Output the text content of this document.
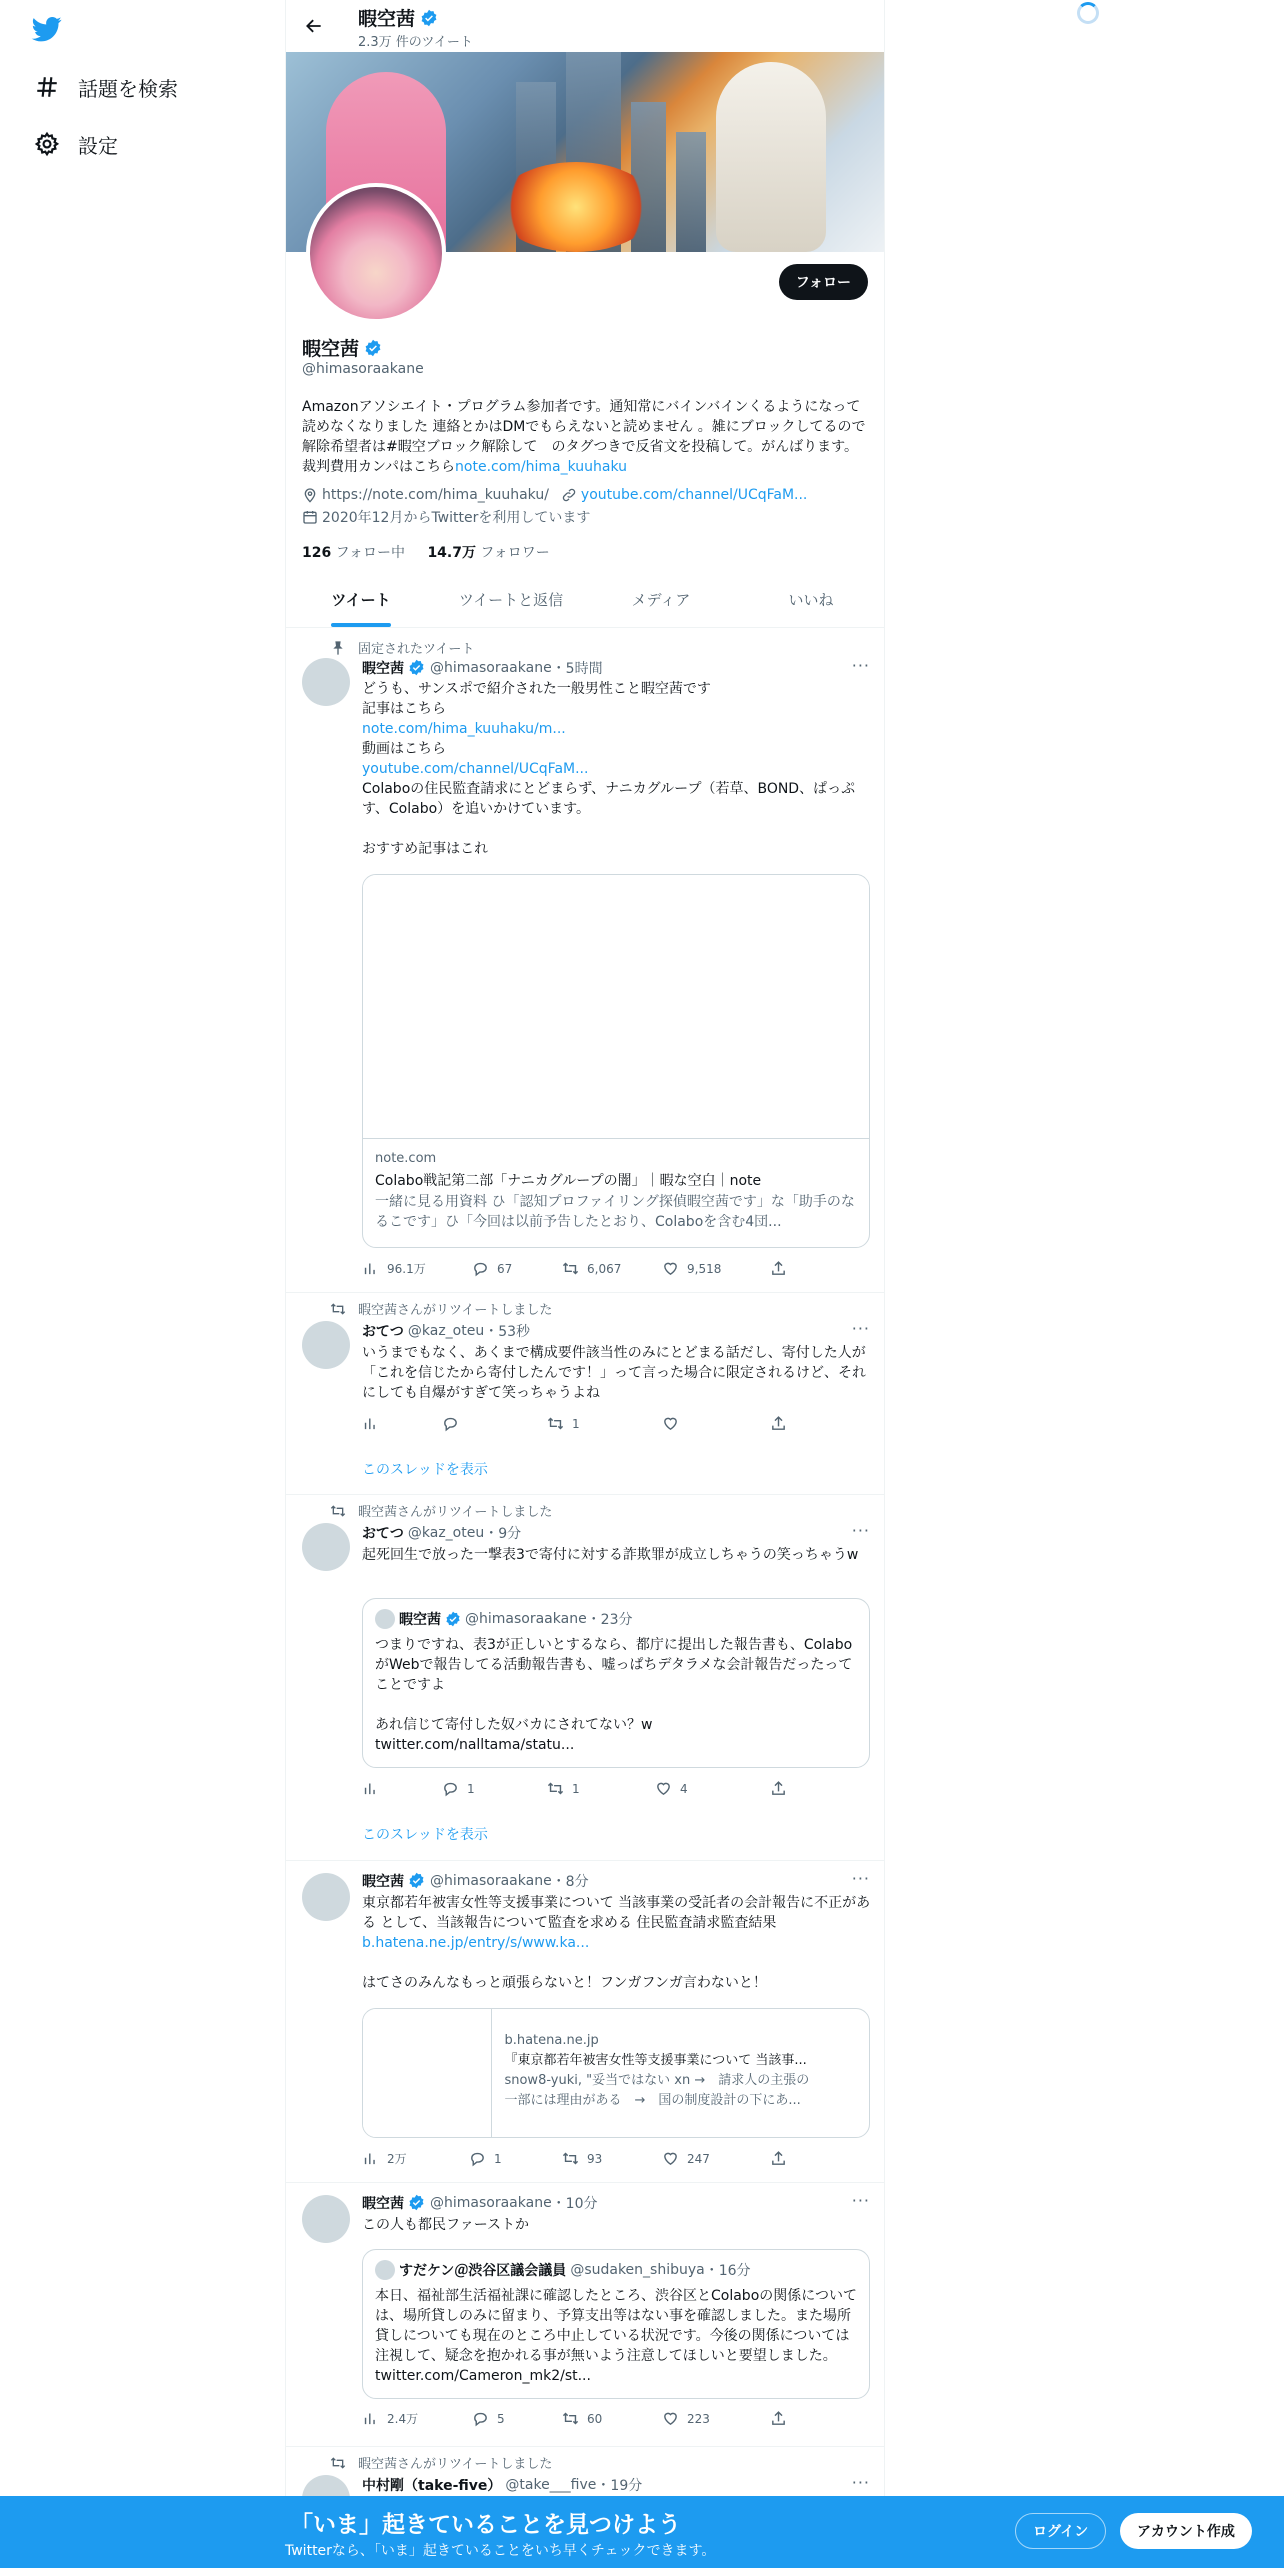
話題を検索
設定
暇空茜
2.3万 件のツイート
フォロー
暇空茜
@himasoraakane
Amazonアソシエイト・プログラム参加者です。通知常にバインバインくるようになって読めなくなりました 連絡とかはDMでもらえないと読めません 。雑にブロックしてるので解除希望者は#暇空ブロック解除して　のタグつきで反省文を投稿して。がんばります。裁判費用カンパはこちらnote.com/hima_kuuhaku
https://note.com/hima_kuuhaku/ youtube.com/channel/UCqFaM...
2020年12月からTwitterを利用しています
126 フォロー中 14.7万 フォロワー
ツイート	ツイートと返信	メディア	いいね
固定されたツイート
暇空茜 @himasoraakane ・5時間	···
どうも、サンスポで紹介された一般男性こと暇空茜です
記事はこちら
note.com/hima_kuuhaku/m...
動画はこちら
youtube.com/channel/UCqFaM...
Colaboの住民監査請求にとどまらず、ナニカグループ（若草、BOND、ぱっぷす、Colabo）を追いかけています。

おすすめ記事はこれ
note.com
Colabo戦記第二部「ナニカグループの闇」｜暇な空白｜note
一緒に見る用資料 ひ「認知プロファイリング探偵暇空茜です」な「助手のなるこです」ひ「今回は以前予告したとおり、Colaboを含む4団...
96.1万	67	6,067	9,518
暇空茜さんがリツイートしました
おてつ @kaz_oteu ・53秒	···
いうまでもなく、あくまで構成要件該当性のみにとどまる話だし、寄付した人が「これを信じたから寄付したんです！」って言った場合に限定されるけど、それにしても自爆がすぎて笑っちゃうよね
1
このスレッドを表示
暇空茜さんがリツイートしました
おてつ @kaz_oteu ・9分	···
起死回生で放った一撃表3で寄付に対する詐欺罪が成立しちゃうの笑っちゃうw
暇空茜 @himasoraakane ・23分
つまりですね、表3が正しいとするなら、都庁に提出した報告書も、ColaboがWebで報告してる活動報告書も、嘘っぱちデタラメな会計報告だったってことですよ

あれ信じて寄付した奴バカにされてない？w
twitter.com/nalltama/statu...
1	1	4
このスレッドを表示
暇空茜 @himasoraakane ・8分	···
東京都若年被害女性等支援事業について 当該事業の受託者の会計報告に不正がある として、当該報告について監査を求める 住民監査請求監査結果
b.hatena.ne.jp/entry/s/www.ka...
はてさのみんなもっと頑張らないと！フンガフンガ言わないと！
b.hatena.ne.jp
『東京都若年被害女性等支援事業について 当該事...
snow8-yuki, "妥当ではない xn →　請求人の主張の
一部には理由がある　→　国の制度設計の下にあ...
2万	1	93	247
暇空茜 @himasoraakane ・10分	···
この人も都民ファーストか
すだケン＠渋谷区議会議員 @sudaken_shibuya ・16分
本日、福祉部生活福祉課に確認したところ、渋谷区とColaboの関係については、場所貸しのみに留まり、予算支出等はない事を確認しました。また場所貸しについても現在のところ中止している状況です。今後の関係については注視して、疑念を抱かれる事が無いよう注意してほしいと要望しました。 twitter.com/Cameron_mk2/st...
2.4万	5	60	223
暇空茜さんがリツイートしました
中村剛（take-five） @take___five ・19分	···
「いま」起きていることを見つけよう
Twitterなら、「いま」起きていることをいち早くチェックできます。
ログイン	アカウント作成
